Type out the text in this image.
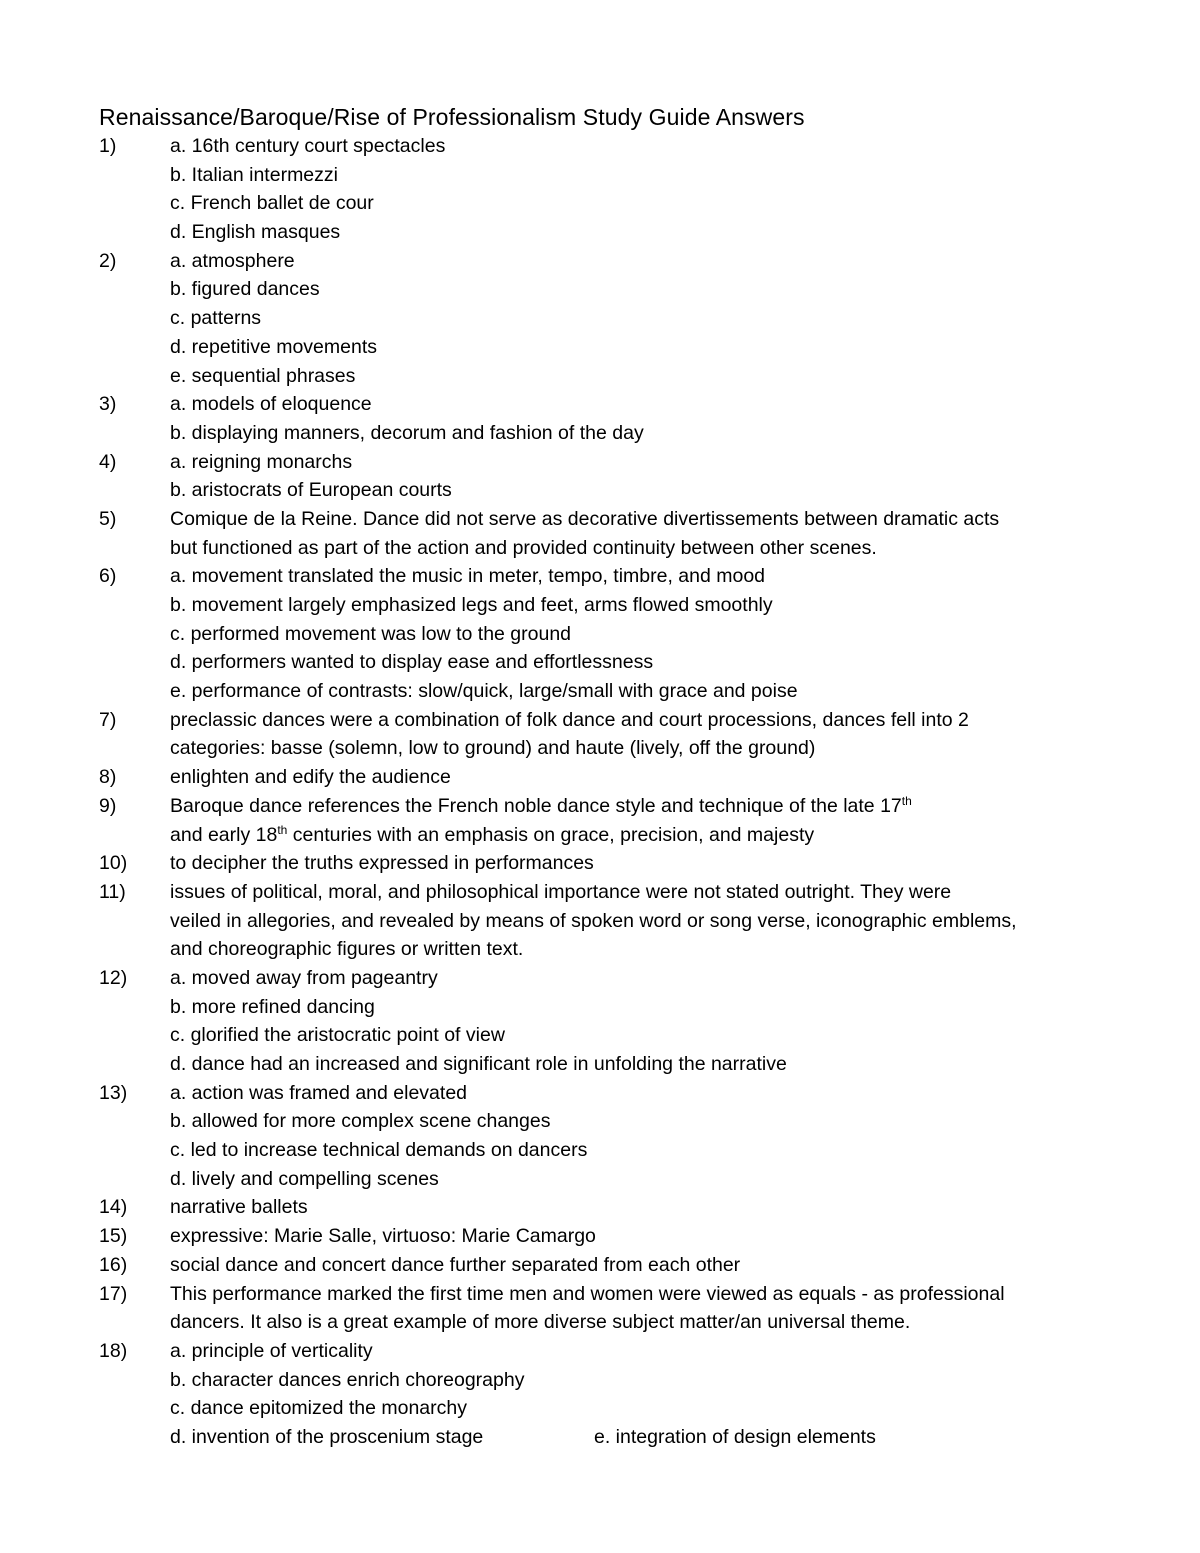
Renaissance/Baroque/Rise of Professionalism Study Guide Answers
1)	a. 16th century court spectacles
b. Italian intermezzi
c. French ballet de cour
d. English masques
2)	a. atmosphere
b. figured dances
c. patterns
d. repetitive movements
e. sequential phrases
3)	a. models of eloquence
b. displaying manners, decorum and fashion of the day
4)	a. reigning monarchs
b. aristocrats of European courts
5)	Comique de la Reine. Dance did not serve as decorative divertissements between dramatic acts
but functioned as part of the action and provided continuity between other scenes.
6)	a. movement translated the music in meter, tempo, timbre, and mood
b. movement largely emphasized legs and feet, arms flowed smoothly
c. performed movement was low to the ground
d. performers wanted to display ease and effortlessness
e. performance of contrasts: slow/quick, large/small with grace and poise
7)	preclassic dances were a combination of folk dance and court processions, dances fell into 2
categories: basse (solemn, low to ground) and haute (lively, off the ground)
8)	enlighten and edify the audience
9)	Baroque dance references the French noble dance style and technique of the late 17th
and early 18th centuries with an emphasis on grace, precision, and majesty
10) to decipher the truths expressed in performances
11) issues of political, moral, and philosophical importance were not stated outright. They were
veiled in allegories, and revealed by means of spoken word or song verse, iconographic emblems,
and choreographic figures or written text.
12) a. moved away from pageantry
b. more refined dancing
c. glorified the aristocratic point of view
d. dance had an increased and significant role in unfolding the narrative
13) a. action was framed and elevated
b. allowed for more complex scene changes
c. led to increase technical demands on dancers
d. lively and compelling scenes
14) narrative ballets
15) expressive: Marie Salle, virtuoso: Marie Camargo
16) social dance and concert dance further separated from each other
17) This performance marked the first time men and women were viewed as equals - as professional
dancers. It also is a great example of more diverse subject matter/an universal theme.
18) a. principle of verticality
b. character dances enrich choreography
c. dance epitomized the monarchy
d. invention of the proscenium stage	e. integration of design elements
